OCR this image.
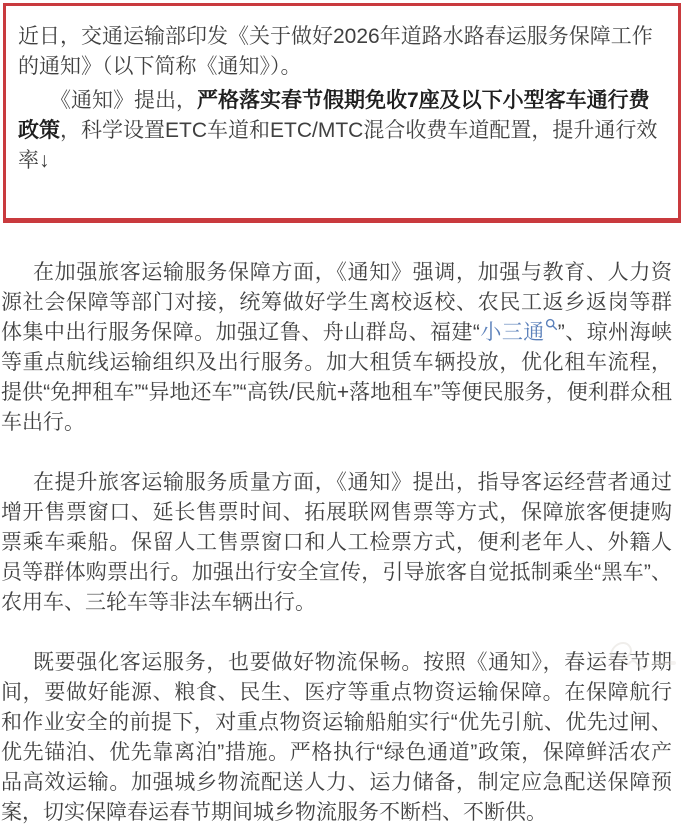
近日，交通运输部印发《关于做好2026年道路水路春运服务保障工作的通知》（以下简称《通知》）。

《通知》提出，严格落实春节假期免收7座及以下小型客车通行费政策，科学设置ETC车道和ETC/MTC混合收费车道配置，提升通行效率↓

在加强旅客运输服务保障方面，《通知》强调，加强与教育、人力资源社会保障等部门对接，统筹做好学生离校返校、农民工返乡返岗等群体集中出行服务保障。加强辽鲁、舟山群岛、福建“小三通 ”、琼州海峡等重点航线运输组织及出行服务。加大租赁车辆投放，优化租车流程，提供“免押租车”“异地还车”“高铁/民航+落地租车”等便民服务，便利群众租车出行。

在提升旅客运输服务质量方面，《通知》提出，指导客运经营者通过增开售票窗口、延长售票时间、拓展联网售票等方式，保障旅客便捷购票乘车乘船。保留人工售票窗口和人工检票方式，便利老年人、外籍人员等群体购票出行。加强出行安全宣传，引导旅客自觉抵制乘坐“黑车”、农用车、三轮车等非法车辆出行。

既要强化客运服务，也要做好物流保畅。按照《通知》，春运春节期间，要做好能源、粮食、民生、医疗等重点物资运输保障。在保障航行和作业安全的前提下，对重点物资运输船舶实行“优先引航、优先过闸、优先锚泊、优先靠离泊”措施。严格执行“绿色通道”政策，保障鲜活农产品高效运输。加强城乡物流配送人力、运力储备，制定应急配送保障预案，切实保障春运春节期间城乡物流服务不断档、不断供。
